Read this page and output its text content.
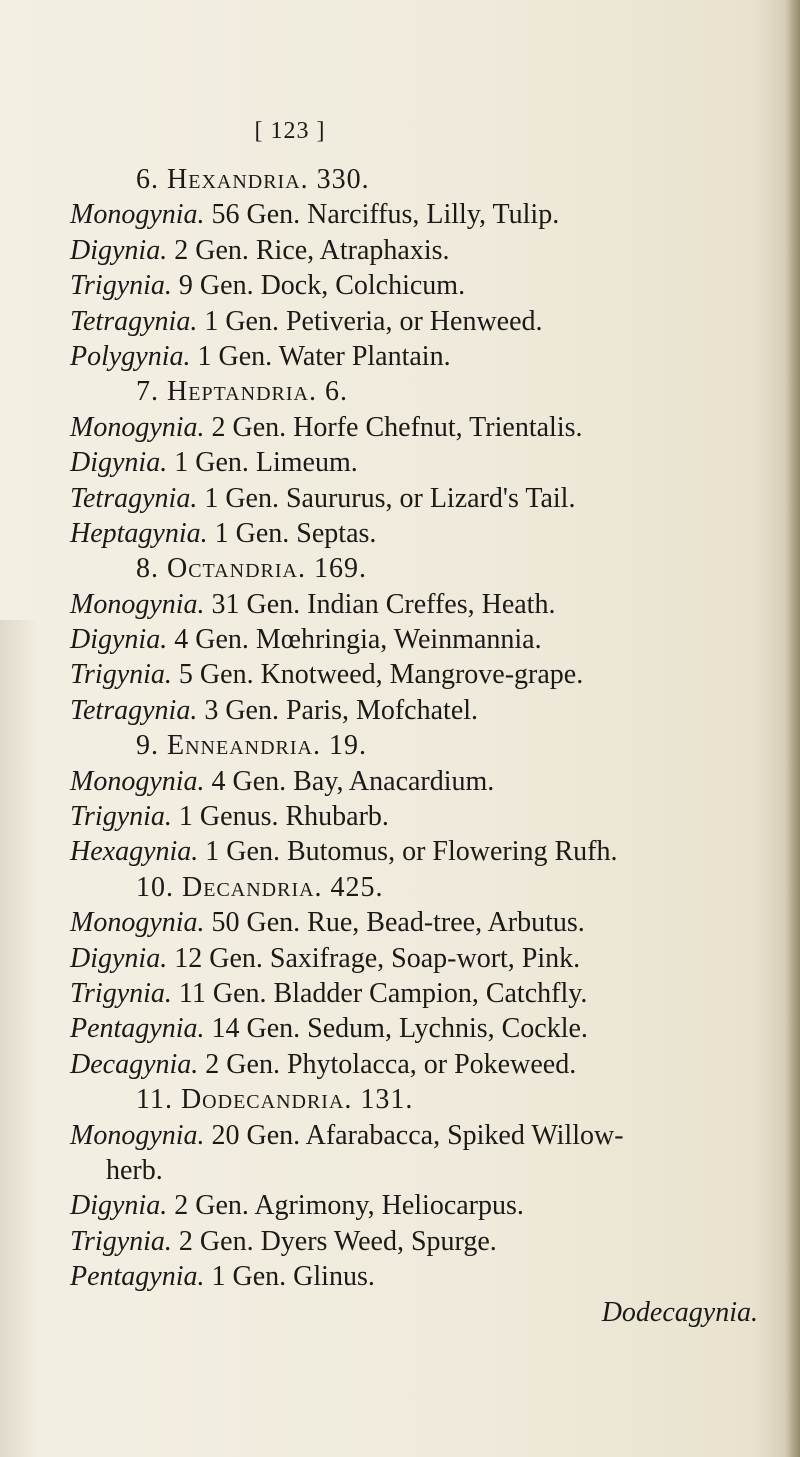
[ 123 ]
6. Hexandria. 330.
Monogynia. 56 Gen. Narciffus, Lilly, Tulip.
Digynia. 2 Gen. Rice, Atraphaxis.
Trigynia. 9 Gen. Dock, Colchicum.
Tetragynia. 1 Gen. Petiveria, or Henweed.
Polygynia. 1 Gen. Water Plantain.
7. Heptandria. 6.
Monogynia. 2 Gen. Horfe Chefnut, Trientalis.
Digynia. 1 Gen. Limeum.
Tetragynia. 1 Gen. Saururus, or Lizard's Tail.
Heptagynia. 1 Gen. Septas.
8. Octandria. 169.
Monogynia. 31 Gen. Indian Creffes, Heath.
Digynia. 4 Gen. Mœhringia, Weinmannia.
Trigynia. 5 Gen. Knotweed, Mangrove-grape.
Tetragynia. 3 Gen. Paris, Mofchatel.
9. Enneandria. 19.
Monogynia. 4 Gen. Bay, Anacardium.
Trigynia. 1 Genus. Rhubarb.
Hexagynia. 1 Gen. Butomus, or Flowering Rufh.
10. Decandria. 425.
Monogynia. 50 Gen. Rue, Bead-tree, Arbutus.
Digynia. 12 Gen. Saxifrage, Soap-wort, Pink.
Trigynia. 11 Gen. Bladder Campion, Catchfly.
Pentagynia. 14 Gen. Sedum, Lychnis, Cockle.
Decagynia. 2 Gen. Phytolacca, or Pokeweed.
11. Dodecandria. 131.
Monogynia. 20 Gen. Afarabacca, Spiked Willow-
herb.
Digynia. 2 Gen. Agrimony, Heliocarpus.
Trigynia. 2 Gen. Dyers Weed, Spurge.
Pentagynia. 1 Gen. Glinus.
Dodecagynia.
